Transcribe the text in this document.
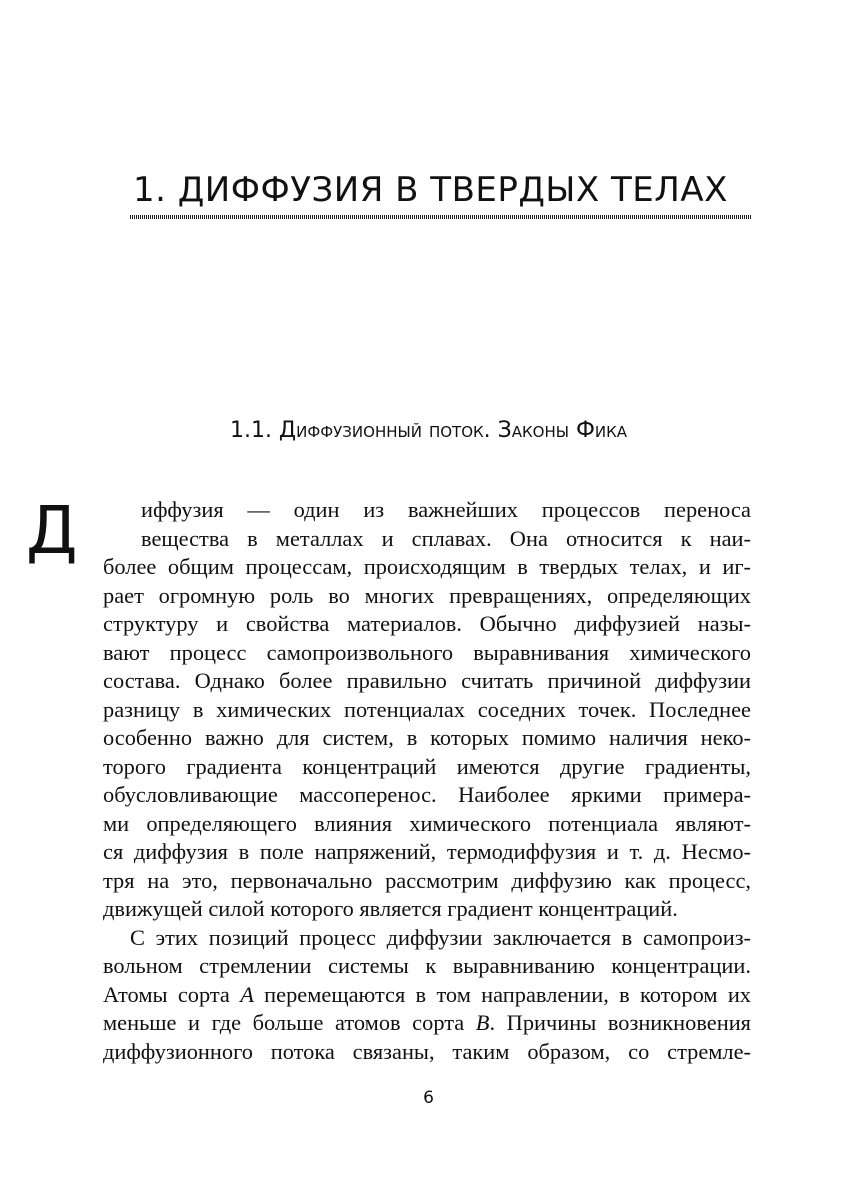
1. ДИФФУЗИЯ В ТВЕРДЫХ ТЕЛАХ
1.1. Диффузионный поток. Законы Фика
Д	иффузия — один из важнейших процессов переноса
вещества в металлах и сплавах. Она относится к наи-
более общим процессам, происходящим в твердых телах, и иг-
рает огромную роль во многих превращениях, определяющих
структуру и свойства материалов. Обычно диффузией назы-
вают процесс самопроизвольного выравнивания химического
состава. Однако более правильно считать причиной диффузии
разницу в химических потенциалах соседних точек. Последнее
особенно важно для систем, в которых помимо наличия неко-
торого градиента концентраций имеются другие градиенты,
обусловливающие массоперенос. Наиболее яркими примера-
ми определяющего влияния химического потенциала являют-
ся диффузия в поле напряжений, термодиффузия и т. д. Несмо-
тря на это, первоначально рассмотрим диффузию как процесс,
движущей силой которого является градиент концентраций.
С этих позиций процесс диффузии заключается в самопроиз-
вольном стремлении системы к выравниванию концентрации.
Атомы сорта A перемещаются в том направлении, в котором их
меньше и где больше атомов сорта B. Причины возникновения
диффузионного потока связаны, таким образом, со стремле-
6
